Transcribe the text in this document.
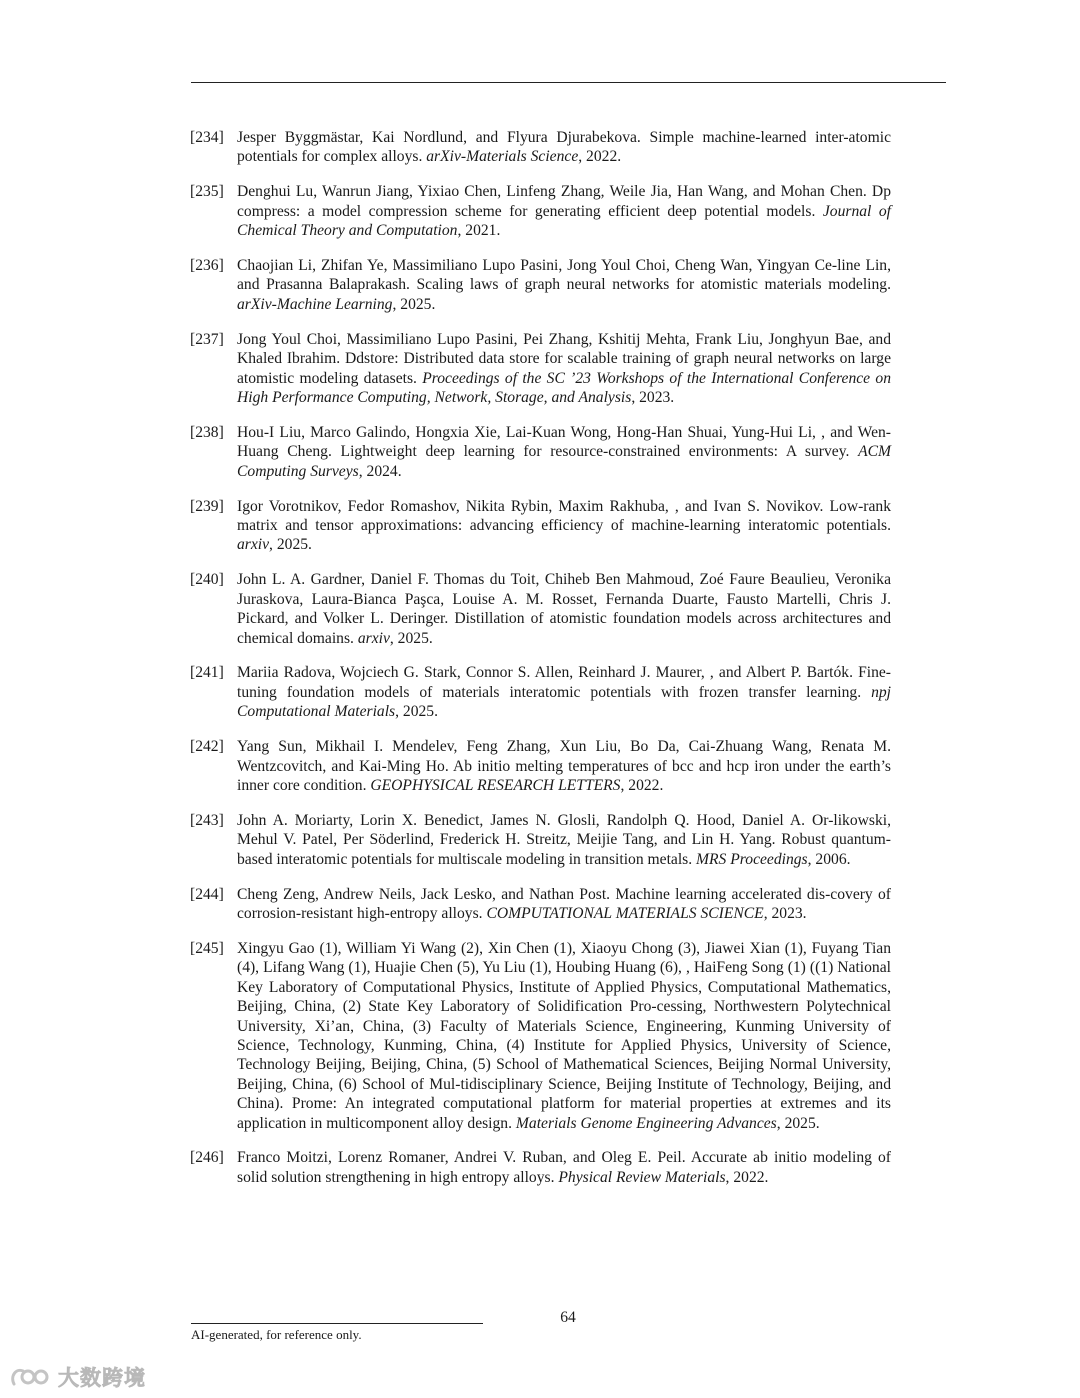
[234] Jesper Byggmästar, Kai Nordlund, and Flyura Djurabekova. Simple machine-learned inter-atomic potentials for complex alloys. arXiv-Materials Science, 2022.
[235] Denghui Lu, Wanrun Jiang, Yixiao Chen, Linfeng Zhang, Weile Jia, Han Wang, and Mohan Chen. Dp compress: a model compression scheme for generating efficient deep potential models. Journal of Chemical Theory and Computation, 2021.
[236] Chaojian Li, Zhifan Ye, Massimiliano Lupo Pasini, Jong Youl Choi, Cheng Wan, Yingyan Ce-line Lin, and Prasanna Balaprakash. Scaling laws of graph neural networks for atomistic materials modeling. arXiv-Machine Learning, 2025.
[237] Jong Youl Choi, Massimiliano Lupo Pasini, Pei Zhang, Kshitij Mehta, Frank Liu, Jonghyun Bae, and Khaled Ibrahim. Ddstore: Distributed data store for scalable training of graph neural networks on large atomistic modeling datasets. Proceedings of the SC ’23 Workshops of the International Conference on High Performance Computing, Network, Storage, and Analysis, 2023.
[238] Hou-I Liu, Marco Galindo, Hongxia Xie, Lai-Kuan Wong, Hong-Han Shuai, Yung-Hui Li, , and Wen-Huang Cheng. Lightweight deep learning for resource-constrained environments: A survey. ACM Computing Surveys, 2024.
[239] Igor Vorotnikov, Fedor Romashov, Nikita Rybin, Maxim Rakhuba, , and Ivan S. Novikov. Low-rank matrix and tensor approximations: advancing efficiency of machine-learning interatomic potentials. arxiv, 2025.
[240] John L. A. Gardner, Daniel F. Thomas du Toit, Chiheb Ben Mahmoud, Zoé Faure Beaulieu, Veronika Juraskova, Laura-Bianca Paşca, Louise A. M. Rosset, Fernanda Duarte, Fausto Martelli, Chris J. Pickard, and Volker L. Deringer. Distillation of atomistic foundation models across architectures and chemical domains. arxiv, 2025.
[241] Mariia Radova, Wojciech G. Stark, Connor S. Allen, Reinhard J. Maurer, , and Albert P. Bartók. Fine-tuning foundation models of materials interatomic potentials with frozen transfer learning. npj Computational Materials, 2025.
[242] Yang Sun, Mikhail I. Mendelev, Feng Zhang, Xun Liu, Bo Da, Cai-Zhuang Wang, Renata M. Wentzcovitch, and Kai-Ming Ho. Ab initio melting temperatures of bcc and hcp iron under the earth’s inner core condition. GEOPHYSICAL RESEARCH LETTERS, 2022.
[243] John A. Moriarty, Lorin X. Benedict, James N. Glosli, Randolph Q. Hood, Daniel A. Or-likowski, Mehul V. Patel, Per Söderlind, Frederick H. Streitz, Meijie Tang, and Lin H. Yang. Robust quantum-based interatomic potentials for multiscale modeling in transition metals. MRS Proceedings, 2006.
[244] Cheng Zeng, Andrew Neils, Jack Lesko, and Nathan Post. Machine learning accelerated dis-covery of corrosion-resistant high-entropy alloys. COMPUTATIONAL MATERIALS SCIENCE, 2023.
[245] Xingyu Gao (1), William Yi Wang (2), Xin Chen (1), Xiaoyu Chong (3), Jiawei Xian (1), Fuyang Tian (4), Lifang Wang (1), Huajie Chen (5), Yu Liu (1), Houbing Huang (6), , HaiFeng Song (1) ((1) National Key Laboratory of Computational Physics, Institute of Applied Physics, Computational Mathematics, Beijing, China, (2) State Key Laboratory of Solidification Pro-cessing, Northwestern Polytechnical University, Xi’an, China, (3) Faculty of Materials Science, Engineering, Kunming University of Science, Technology, Kunming, China, (4) Institute for Applied Physics, University of Science, Technology Beijing, Beijing, China, (5) School of Mathematical Sciences, Beijing Normal University, Beijing, China, (6) School of Mul-tidisciplinary Science, Beijing Institute of Technology, Beijing, and China). Prome: An integrated computational platform for material properties at extremes and its application in multicomponent alloy design. Materials Genome Engineering Advances, 2025.
[246] Franco Moitzi, Lorenz Romaner, Andrei V. Ruban, and Oleg E. Peil. Accurate ab initio modeling of solid solution strengthening in high entropy alloys. Physical Review Materials, 2022.
64
AI-generated, for reference only.
大数跨境
